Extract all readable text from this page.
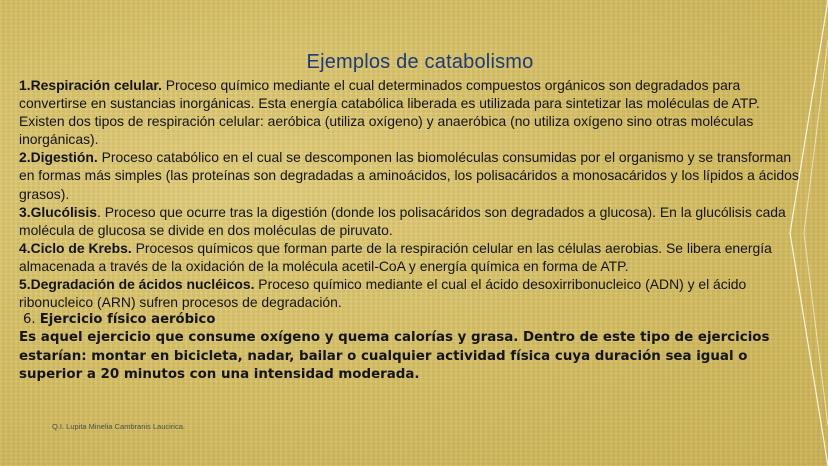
Ejemplos de catabolismo

1.Respiración celular. Proceso químico mediante el cual determinados compuestos orgánicos son degradados para convertirse en sustancias inorgánicas. Esta energía catabólica liberada es utilizada para sintetizar las moléculas de ATP. Existen dos tipos de respiración celular: aeróbica (utiliza oxígeno) y anaeróbica (no utiliza oxígeno sino otras moléculas inorgánicas).

2.Digestión. Proceso catabólico en el cual se descomponen las biomoléculas consumidas por el organismo y se transforman en formas más simples (las proteínas son degradadas a aminoácidos, los polisacáridos a monosacáridos y los lípidos a ácidos grasos).

3.Glucólisis. Proceso que ocurre tras la digestión (donde los polisacáridos son degradados a glucosa). En la glucólisis cada molécula de glucosa se divide en dos moléculas de piruvato.

4.Ciclo de Krebs. Procesos químicos que forman parte de la respiración celular en las células aerobias. Se libera energía almacenada a través de la oxidación de la molécula acetil-CoA y energía química en forma de ATP.

5.Degradación de ácidos nucléicos. Proceso químico mediante el cual el ácido desoxirribonucleico (ADN) y el ácido ribonucleico (ARN) sufren procesos de degradación.

6. Ejercicio físico aeróbico

Es aquel ejercicio que consume oxígeno y quema calorías y grasa. Dentro de este tipo de ejercicios estarían: montar en bicicleta, nadar, bailar o cualquier actividad física cuya duración sea igual o superior a 20 minutos con una intensidad moderada.

Q.I. Lupita Minelia Cambranis Laucirica.
